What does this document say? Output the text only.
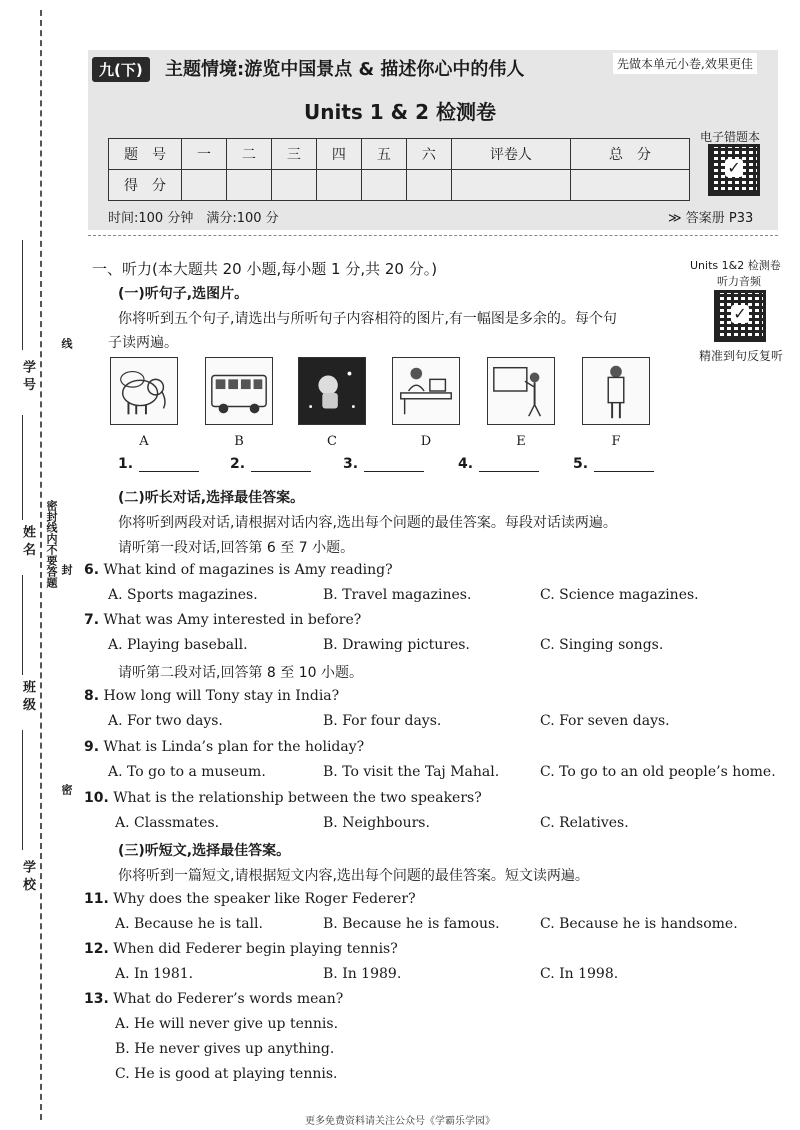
学 号
姓 名
班 级
学 校
密封线内不要答题
线
封
密
九(下)	主题情境:游览中国景点 & 描述你心中的伟人	先做本单元小卷,效果更佳
Units 1 & 2 检测卷
题　号	一	二	三	四	五	六	评卷人	总　分
得　分								
电子错题本
✓
时间:100 分钟　满分:100 分	≫ 答案册 P33
Units 1&2 检测卷
听力音频
✓
精准到句反复听
一、听力(本大题共 20 小题,每小题 1 分,共 20 分。)
(一)听句子,选图片。
你将听到五个句子,请选出与所听句子内容相符的图片,有一幅图是多余的。每个句
子读两遍。
A	B	C	D	E	F
1.	2.	3.	4.	5.
(二)听长对话,选择最佳答案。
你将听到两段对话,请根据对话内容,选出每个问题的最佳答案。每段对话读两遍。
请听第一段对话,回答第 6 至 7 小题。
6. What kind of magazines is Amy reading?
A. Sports magazines.	B. Travel magazines.	C. Science magazines.
7. What was Amy interested in before?
A. Playing baseball.	B. Drawing pictures.	C. Singing songs.
请听第二段对话,回答第 8 至 10 小题。
8. How long will Tony stay in India?
A. For two days.	B. For four days.	C. For seven days.
9. What is Linda’s plan for the holiday?
A. To go to a museum.	B. To visit the Taj Mahal.	C. To go to an old people’s home.
10. What is the relationship between the two speakers?
A. Classmates.	B. Neighbours.	C. Relatives.
(三)听短文,选择最佳答案。
你将听到一篇短文,请根据短文内容,选出每个问题的最佳答案。短文读两遍。
11. Why does the speaker like Roger Federer?
A. Because he is tall.	B. Because he is famous.	C. Because he is handsome.
12. When did Federer begin playing tennis?
A. In 1981.	B. In 1989.	C. In 1998.
13. What do Federer’s words mean?
A. He will never give up tennis.
B. He never gives up anything.
C. He is good at playing tennis.
更多免费资料请关注公众号《学霸乐学园》
